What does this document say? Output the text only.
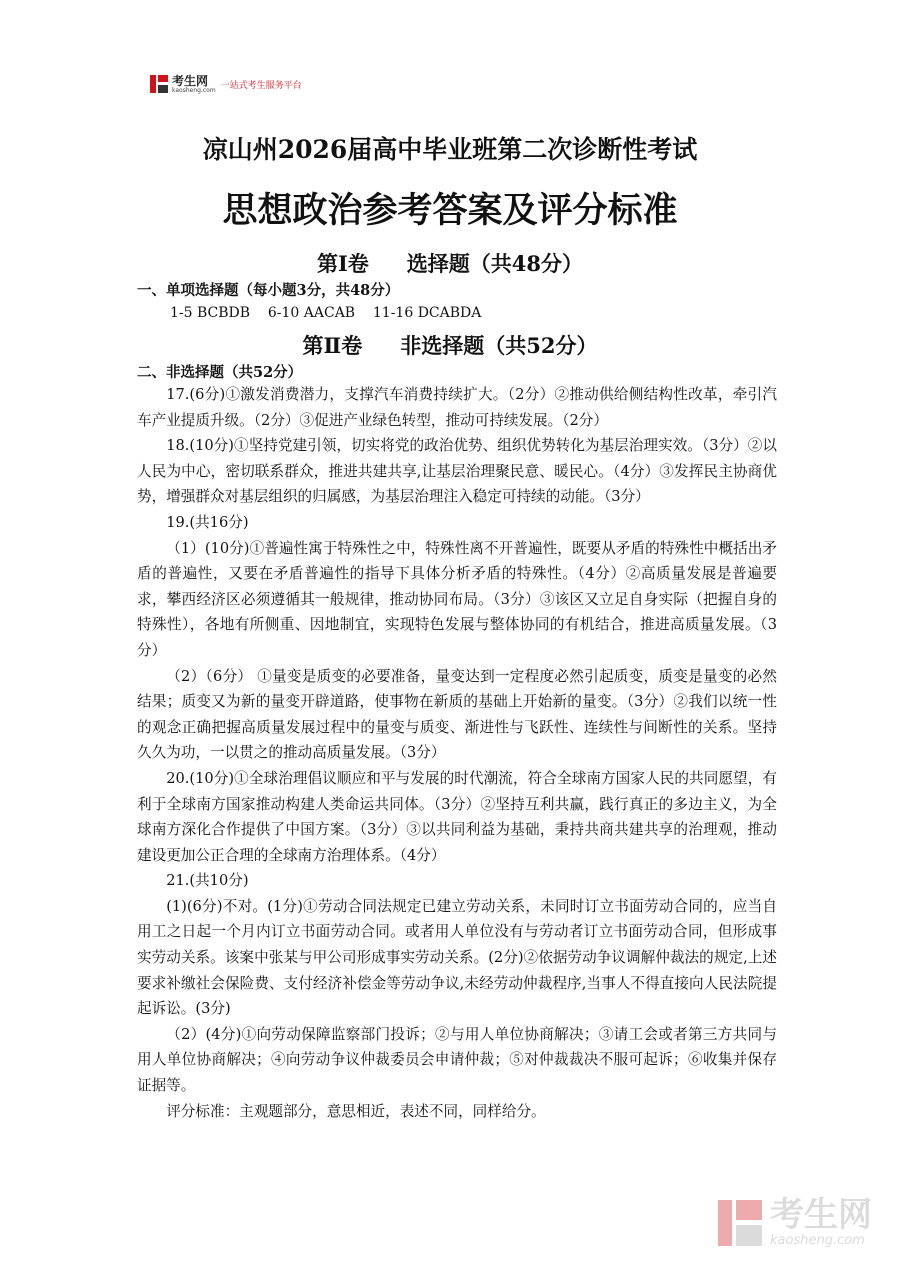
考生网
kaosheng.com 一站式考生服务平台
凉山州2026届高中毕业班第二次诊断性考试
思想政治参考答案及评分标准
第Ⅰ卷 选择题（共48分）
一、单项选择题（每小题3分，共48分）
1-5 BCBDB    6-10 AACAB    11-16 DCABDA
第Ⅱ卷 非选择题（共52分）
二、非选择题（共52分）

17.(6分)①激发消费潜力，支撑汽车消费持续扩大。（2分）②推动供给侧结构性改革，牵引汽车产业提质升级。（2分）③促进产业绿色转型，推动可持续发展。（2分）

18.(10分)①坚持党建引领，切实将党的政治优势、组织优势转化为基层治理实效。（3分）②以人民为中心，密切联系群众，推进共建共享,让基层治理聚民意、暖民心。（4分）③发挥民主协商优势，增强群众对基层组织的归属感，为基层治理注入稳定可持续的动能。（3分）

19.(共16分)

（1）(10分)①普遍性寓于特殊性之中，特殊性离不开普遍性，既要从矛盾的特殊性中概括出矛盾的普遍性，又要在矛盾普遍性的指导下具体分析矛盾的特殊性。（4分）②高质量发展是普遍要求，攀西经济区必须遵循其一般规律，推动协同布局。（3分）③该区又立足自身实际（把握自身的特殊性），各地有所侧重、因地制宜，实现特色发展与整体协同的有机结合，推进高质量发展。（3分）

（2）（6分） ①量变是质变的必要准备，量变达到一定程度必然引起质变，质变是量变的必然结果；质变又为新的量变开辟道路，使事物在新质的基础上开始新的量变。（3分）②我们以统一性的观念正确把握高质量发展过程中的量变与质变、渐进性与飞跃性、连续性与间断性的关系。坚持久久为功，一以贯之的推动高质量发展。（3分）

20.(10分)①全球治理倡议顺应和平与发展的时代潮流，符合全球南方国家人民的共同愿望，有利于全球南方国家推动构建人类命运共同体。（3分）②坚持互利共赢，践行真正的多边主义，为全球南方深化合作提供了中国方案。（3分）③以共同利益为基础，秉持共商共建共享的治理观，推动建设更加公正合理的全球南方治理体系。（4分）

21.(共10分)

(1)(6分)不对。(1分)①劳动合同法规定已建立劳动关系，未同时订立书面劳动合同的，应当自用工之日起一个月内订立书面劳动合同。或者用人单位没有与劳动者订立书面劳动合同，但形成事实劳动关系。该案中张某与甲公司形成事实劳动关系。(2分)②依据劳动争议调解仲裁法的规定,上述要求补缴社会保险费、支付经济补偿金等劳动争议,未经劳动仲裁程序,当事人不得直接向人民法院提起诉讼。(3分)

（2）(4分)①向劳动保障监察部门投诉；②与用人单位协商解决；③请工会或者第三方共同与用人单位协商解决；④向劳动争议仲裁委员会申请仲裁；⑤对仲裁裁决不服可起诉；⑥收集并保存证据等。

评分标准：主观题部分，意思相近，表述不同，同样给分。

考生网
kaosheng.com
